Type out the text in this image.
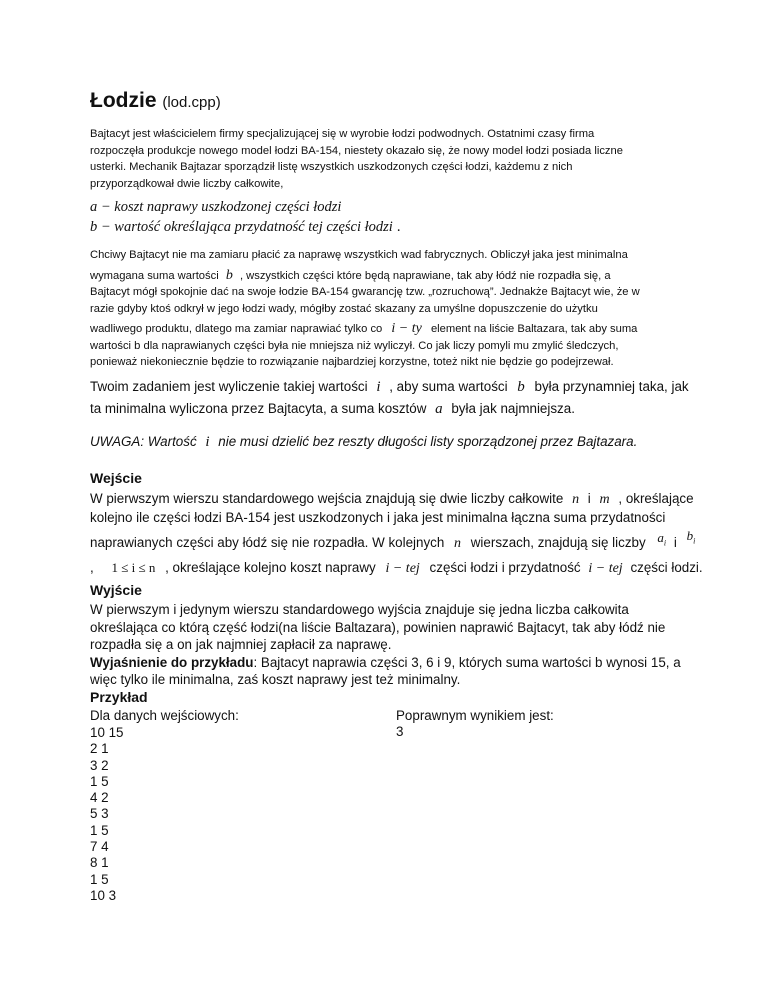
Łodzie (lod.cpp)
Bajtacyt jest właścicielem firmy specjalizującej się w wyrobie łodzi podwodnych. Ostatnimi czasy firma
rozpoczęła produkcje nowego model łodzi BA-154, niestety okazało się, że nowy model łodzi posiada liczne
usterki. Mechanik Bajtazar sporządził listę wszystkich uszkodzonych części łodzi, każdemu z nich
przyporządkował dwie liczby całkowite,
a − koszt naprawy uszkodzonej części łodzi
b − wartość określająca przydatność tej części łodzi .
Chciwy Bajtacyt nie ma zamiaru płacić za naprawę wszystkich wad fabrycznych. Obliczył jaka jest minimalna
wymagana suma wartości b , wszystkich części które będą naprawiane, tak aby łódź nie rozpadła się, a
Bajtacyt mógł spokojnie dać na swoje łodzie BA-154 gwarancję tzw. „rozruchową”. Jednakże Bajtacyt wie, że w
razie gdyby ktoś odkrył w jego łodzi wady, mógłby zostać skazany za umyślne dopuszczenie do użytku
wadliwego produktu, dlatego ma zamiar naprawiać tylko co i − ty element na liście Baltazara, tak aby suma
wartości b dla naprawianych części była nie mniejsza niż wyliczył. Co jak liczy pomyli mu zmylić śledczych,
ponieważ niekoniecznie będzie to rozwiązanie najbardziej korzystne, toteż nikt nie będzie go podejrzewał.
Twoim zadaniem jest wyliczenie takiej wartości i , aby suma wartości b była przynamniej taka, jak
ta minimalna wyliczona przez Bajtacyta, a suma kosztów a była jak najmniejsza.
UWAGA: Wartość i nie musi dzielić bez reszty długości listy sporządzonej przez Bajtazara.
Wejście
W pierwszym wierszu standardowego wejścia znajdują się dwie liczby całkowite n i m , określające
kolejno ile części łodzi BA-154 jest uszkodzonych i jaka jest minimalna łączna suma przydatności
naprawianych części aby łódź się nie rozpadła. W kolejnych n wierszach, znajdują się liczby $a_i$ i $b_i$
, 1 ≤ i ≤ n , określające kolejno koszt naprawy i − tej części łodzi i przydatność i − tej części łodzi.
Wyjście
W pierwszym i jedynym wierszu standardowego wyjścia znajduje się jedna liczba całkowita
określająca co którą część łodzi(na liście Baltazara), powinien naprawić Bajtacyt, tak aby łódź nie
rozpadła się a on jak najmniej zapłacił za naprawę.
Wyjaśnienie do przykładu: Bajtacyt naprawia części 3, 6 i 9, których suma wartości b wynosi 15, a
więc tylko ile minimalna, zaś koszt naprawy jest też minimalny.
Przykład
Dla danych wejściowych:
10 15
2 1
3 2
1 5
4 2
5 3
1 5
7 4
8 1
1 5
10 3
Poprawnym wynikiem jest:
3
